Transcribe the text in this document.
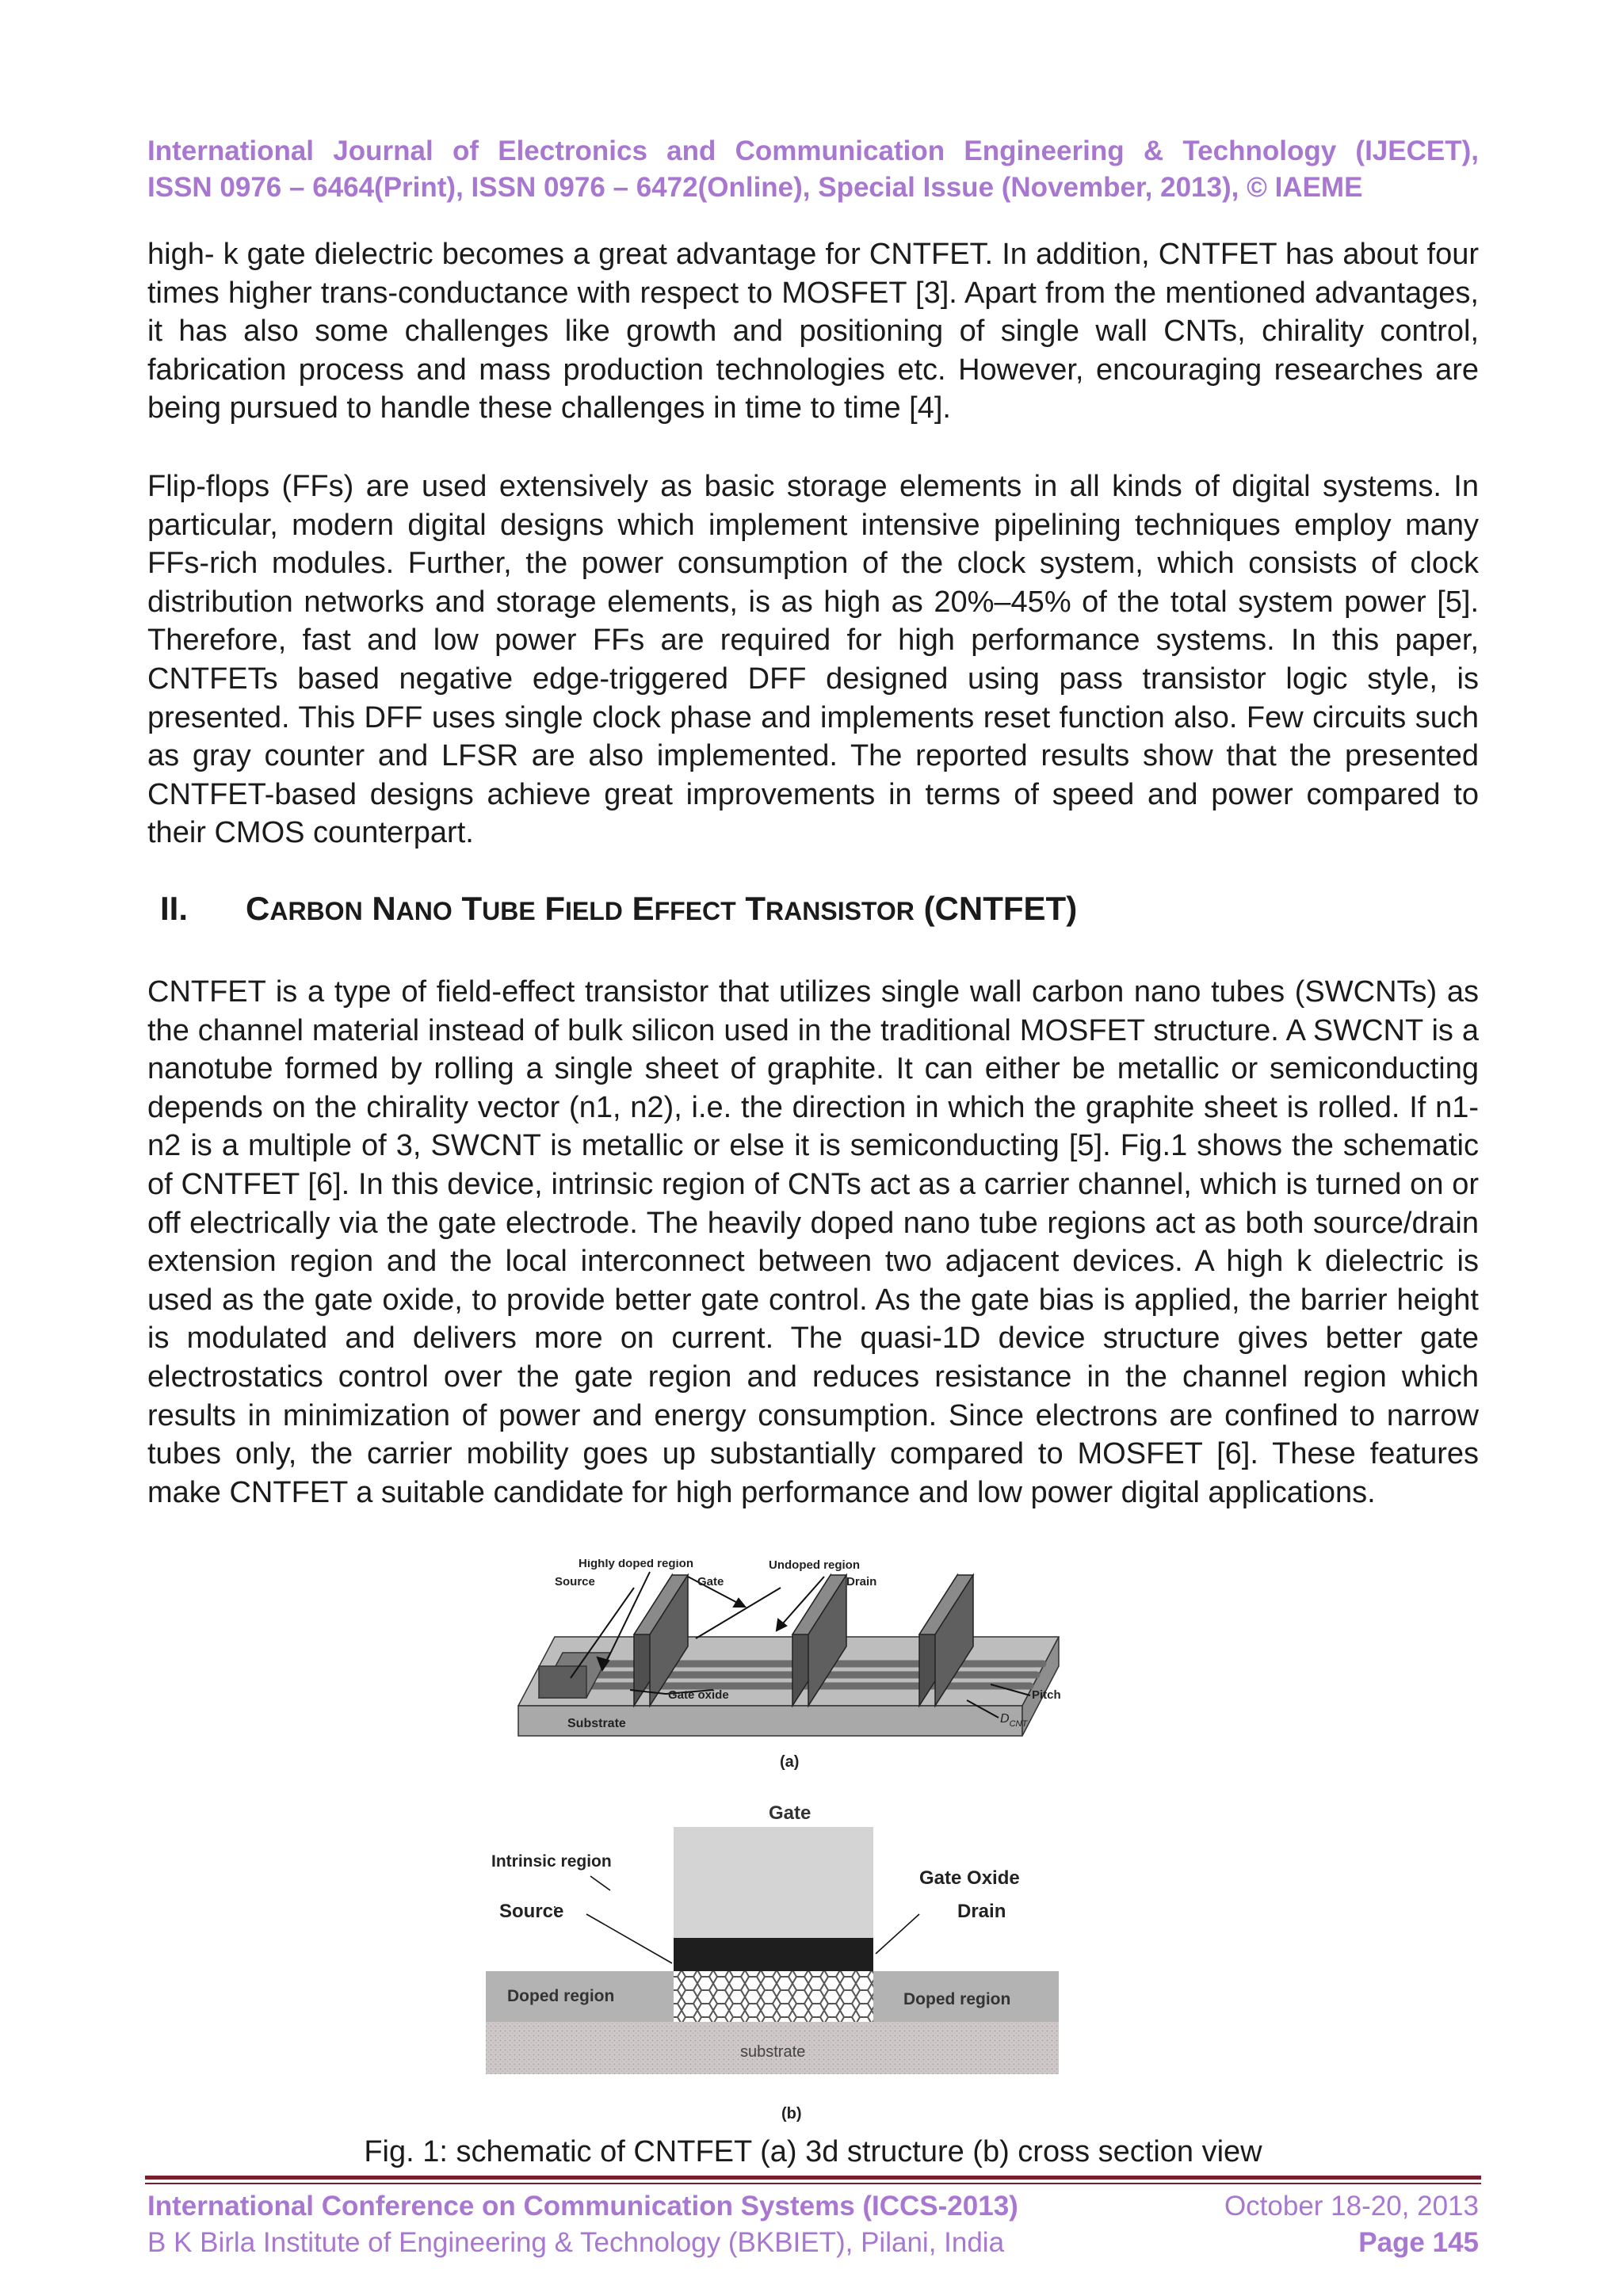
International Journal of Electronics and Communication Engineering & Technology (IJECET),
ISSN 0976 – 6464(Print), ISSN 0976 – 6472(Online), Special Issue (November, 2013), © IAEME

high- k gate dielectric becomes a great advantage for CNTFET. In addition, CNTFET has about four times higher trans-conductance with respect to MOSFET [3]. Apart from the mentioned advantages, it has also some challenges like growth and positioning of single wall CNTs, chirality control, fabrication process and mass production technologies etc. However, encouraging researches are being pursued to handle these challenges in time to time [4].

Flip-flops (FFs) are used extensively as basic storage elements in all kinds of digital systems. In particular, modern digital designs which implement intensive pipelining techniques employ many FFs-rich modules. Further, the power consumption of the clock system, which consists of clock distribution networks and storage elements, is as high as 20%–45% of the total system power [5]. Therefore, fast and low power FFs are required for high performance systems. In this paper, CNTFETs based negative edge-triggered DFF designed using pass transistor logic style, is presented. This DFF uses single clock phase and implements reset function also. Few circuits such as gray counter and LFSR are also implemented. The reported results show that the presented CNTFET-based designs achieve great improvements in terms of speed and power compared to their CMOS counterpart.

II. CARBON NANO TUBE FIELD EFFECT TRANSISTOR (CNTFET)

CNTFET is a type of field-effect transistor that utilizes single wall carbon nano tubes (SWCNTs) as the channel material instead of bulk silicon used in the traditional MOSFET structure. A SWCNT is a nanotube formed by rolling a single sheet of graphite. It can either be metallic or semiconducting depends on the chirality vector (n1, n2), i.e. the direction in which the graphite sheet is rolled. If n1-n2 is a multiple of 3, SWCNT is metallic or else it is semiconducting [5]. Fig.1 shows the schematic of CNTFET [6]. In this device, intrinsic region of CNTs act as a carrier channel, which is turned on or off electrically via the gate electrode. The heavily doped nano tube regions act as both source/drain extension region and the local interconnect between two adjacent devices. A high k dielectric is used as the gate oxide, to provide better gate control. As the gate bias is applied, the barrier height is modulated and delivers more on current. The quasi-1D device structure gives better gate electrostatics control over the gate region and reduces resistance in the channel region which results in minimization of power and energy consumption. Since electrons are confined to narrow tubes only, the carrier mobility goes up substantially compared to MOSFET [6]. These features make CNTFET a suitable candidate for high performance and low power digital applications.

Highly doped region	Undoped region
Source	Gate	Drain
Gate oxide	Pitch
Substrate	$D_{CNT}$
(a)
Gate
Intrinsic region
Gate Oxide
Source	Drain
Doped region	Doped region
substrate
(b)
Fig. 1: schematic of CNTFET (a) 3d structure (b) cross section view
International Conference on Communication Systems (ICCS-2013)
B K Birla Institute of Engineering & Technology (BKBIET), Pilani, India
October 18-20, 2013
Page 145
